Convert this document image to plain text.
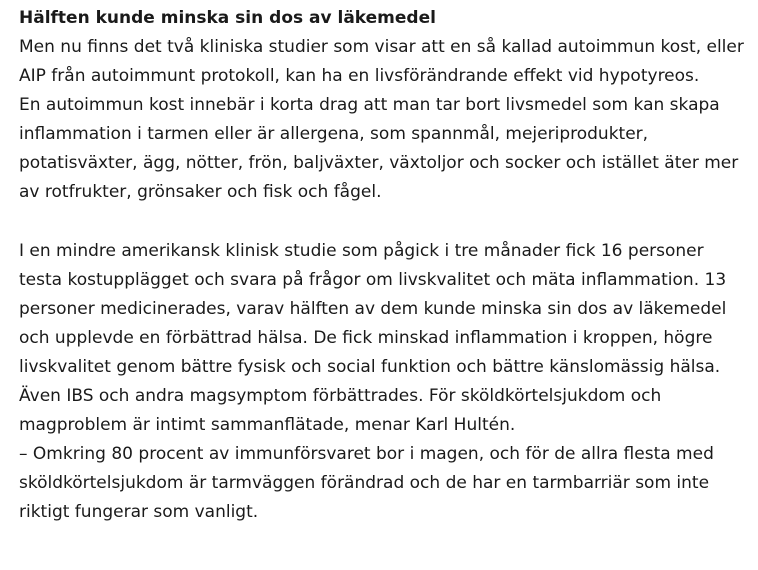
Hälften kunde minska sin dos av läkemedel

Men nu finns det två kliniska studier som visar att en så kallad autoimmun kost, eller AIP från autoimmunt protokoll, kan ha en livsförändrande effekt vid hypotyreos.

En autoimmun kost innebär i korta drag att man tar bort livsmedel som kan skapa inflammation i tarmen eller är allergena, som spannmål, mejeriprodukter, potatisväxter, ägg, nötter, frön, baljväxter, växtoljor och socker och istället äter mer av rotfrukter, grönsaker och fisk och fågel.

I en mindre amerikansk klinisk studie som pågick i tre månader fick 16 personer testa kostupplägget och svara på frågor om livskvalitet och mäta inflammation. 13 personer medicinerades, varav hälften av dem kunde minska sin dos av läkemedel och upplevde en förbättrad hälsa. De fick minskad inflammation i kroppen, högre livskvalitet genom bättre fysisk och social funktion och bättre känslomässig hälsa. Även IBS och andra magsymptom förbättrades. För sköldkörtelsjukdom och magproblem är intimt sammanflätade, menar Karl Hultén.

– Omkring 80 procent av immunförsvaret bor i magen, och för de allra flesta med sköldkörtelsjukdom är tarmväggen förändrad och de har en tarmbarriär som inte riktigt fungerar som vanligt.
